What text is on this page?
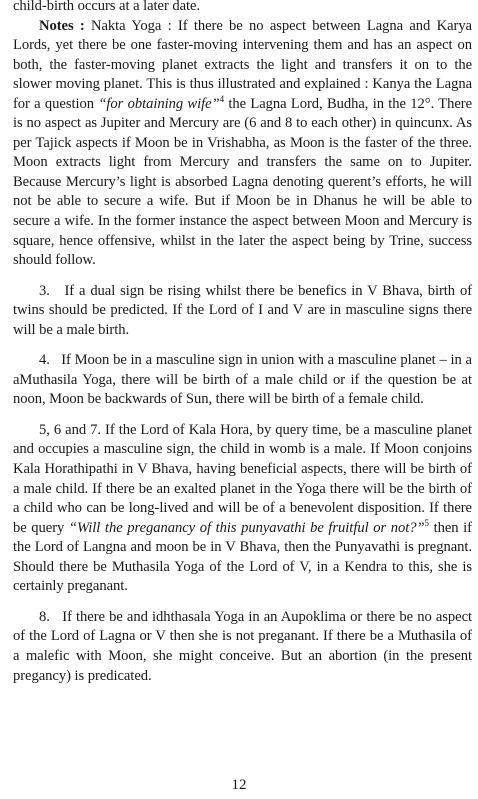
child-birth occurs at a later date.

Notes : Nakta Yoga : If there be no aspect between Lagna and Karya Lords, yet there be one faster-moving intervening them and has an aspect on both, the faster-moving planet extracts the light and transfers it on to the slower moving planet. This is thus illustrated and explained : Kanya the Lagna for a question “for obtaining wife”$^4$ the Lagna Lord, Budha, in the 12°. There is no aspect as Jupiter and Mercury are (6 and 8 to each other) in quincunx. As per Tajick aspects if Moon be in Vrishabha, as Moon is the faster of the three. Moon extracts light from Mercury and transfers the same on to Jupiter. Because Mercury’s light is absorbed Lagna denoting querent’s efforts, he will not be able to secure a wife. But if Moon be in Dhanus he will be able to secure a wife. In the former instance the aspect between Moon and Mercury is square, hence offensive, whilst in the later the aspect being by Trine, success should follow.

3.   If a dual sign be rising whilst there be benefics in V Bhava, birth of twins should be predicted. If the Lord of I and V are in masculine signs there will be a male birth.

4.   If Moon be in a masculine sign in union with a masculine planet – in a aMuthasila Yoga, there will be birth of a male child or if the question be at noon, Moon be backwards of Sun, there will be birth of a female child.

5, 6 and 7. If the Lord of Kala Hora, by query time, be a masculine planet and occupies a masculine sign, the child in womb is a male. If Moon conjoins Kala Horathipathi in V Bhava, having beneficial aspects, there will be birth of a male child. If there be an exalted planet in the Yoga there will be the birth of a child who can be long-lived and will be of a benevolent disposition. If there be query “Will the preganancy of this punyavathi be fruitful or not?”$^5$ then if the Lord of Langna and moon be in V Bhava, then the Punyavathi is pregnant. Should there be Muthasila Yoga of the Lord of V, in a Kendra to this, she is certainly preganant.

8.   If there be and idhthasala Yoga in an Aupoklima or there be no aspect of the Lord of Lagna or V then she is not preganant. If there be a Muthasila of a malefic with Moon, she might conceive. But an abortion (in the present pregancy) is predicated.

12
